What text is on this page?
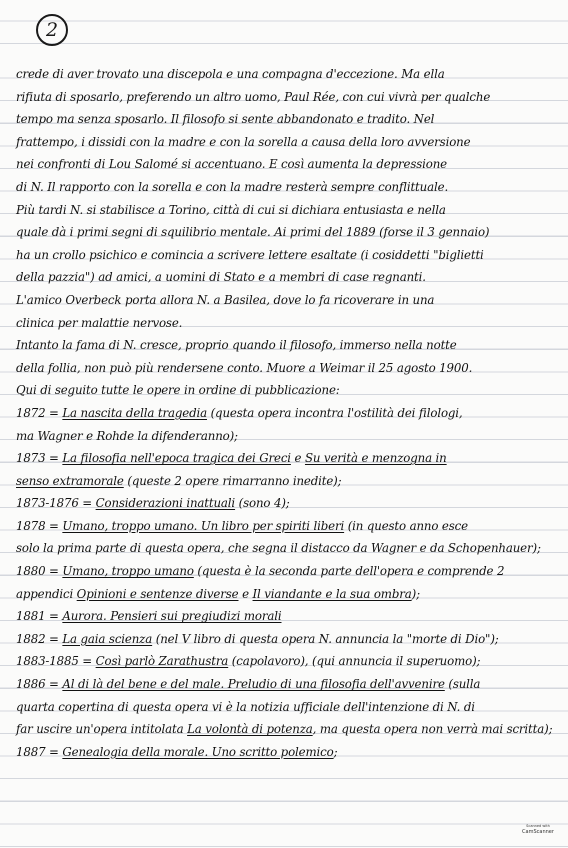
2
crede di aver trovato una discepola e una compagna d'eccezione. Ma ella
rifiuta di sposarlo, preferendo un altro uomo, Paul Rée, con cui vivrà per qualche
tempo ma senza sposarlo. Il filosofo si sente abbandonato e tradito. Nel
frattempo, i dissidi con la madre e con la sorella a causa della loro avversione
nei confronti di Lou Salomé si accentuano. E così aumenta la depressione
di N. Il rapporto con la sorella e con la madre resterà sempre conflittuale.
Più tardi N. si stabilisce a Torino, città di cui si dichiara entusiasta e nella
quale dà i primi segni di squilibrio mentale. Ai primi del 1889 (forse il 3 gennaio)
ha un crollo psichico e comincia a scrivere lettere esaltate (i cosiddetti "biglietti
della pazzia") ad amici, a uomini di Stato e a membri di case regnanti.
L'amico Overbeck porta allora N. a Basilea, dove lo fa ricoverare in una
clinica per malattie nervose.
Intanto la fama di N. cresce, proprio quando il filosofo, immerso nella notte
della follia, non può più rendersene conto. Muore a Weimar il 25 agosto 1900.
Qui di seguito tutte le opere in ordine di pubblicazione:
1872 = La nascita della tragedia (questa opera incontra l'ostilità dei filologi,
ma Wagner e Rohde la difenderanno);
1873 = La filosofia nell'epoca tragica dei Greci e Su verità e menzogna in
senso extramorale (queste 2 opere rimarranno inedite);
1873-1876 = Considerazioni inattuali (sono 4);
1878 = Umano, troppo umano. Un libro per spiriti liberi (in questo anno esce
solo la prima parte di questa opera, che segna il distacco da Wagner e da Schopenhauer);
1880 = Umano, troppo umano (questa è la seconda parte dell'opera e comprende 2
appendici Opinioni e sentenze diverse e Il viandante e la sua ombra);
1881 = Aurora. Pensieri sui pregiudizi morali
1882 = La gaia scienza (nel V libro di questa opera N. annuncia la "morte di Dio");
1883-1885 = Così parlò Zarathustra (capolavoro), (qui annuncia il superuomo);
1886 = Al di là del bene e del male. Preludio di una filosofia dell'avvenire (sulla
quarta copertina di questa opera vi è la notizia ufficiale dell'intenzione di N. di
far uscire un'opera intitolata La volontà di potenza, ma questa opera non verrà mai scritta);
1887 = Genealogia della morale. Uno scritto polemico;
Scanned with
CamScanner
